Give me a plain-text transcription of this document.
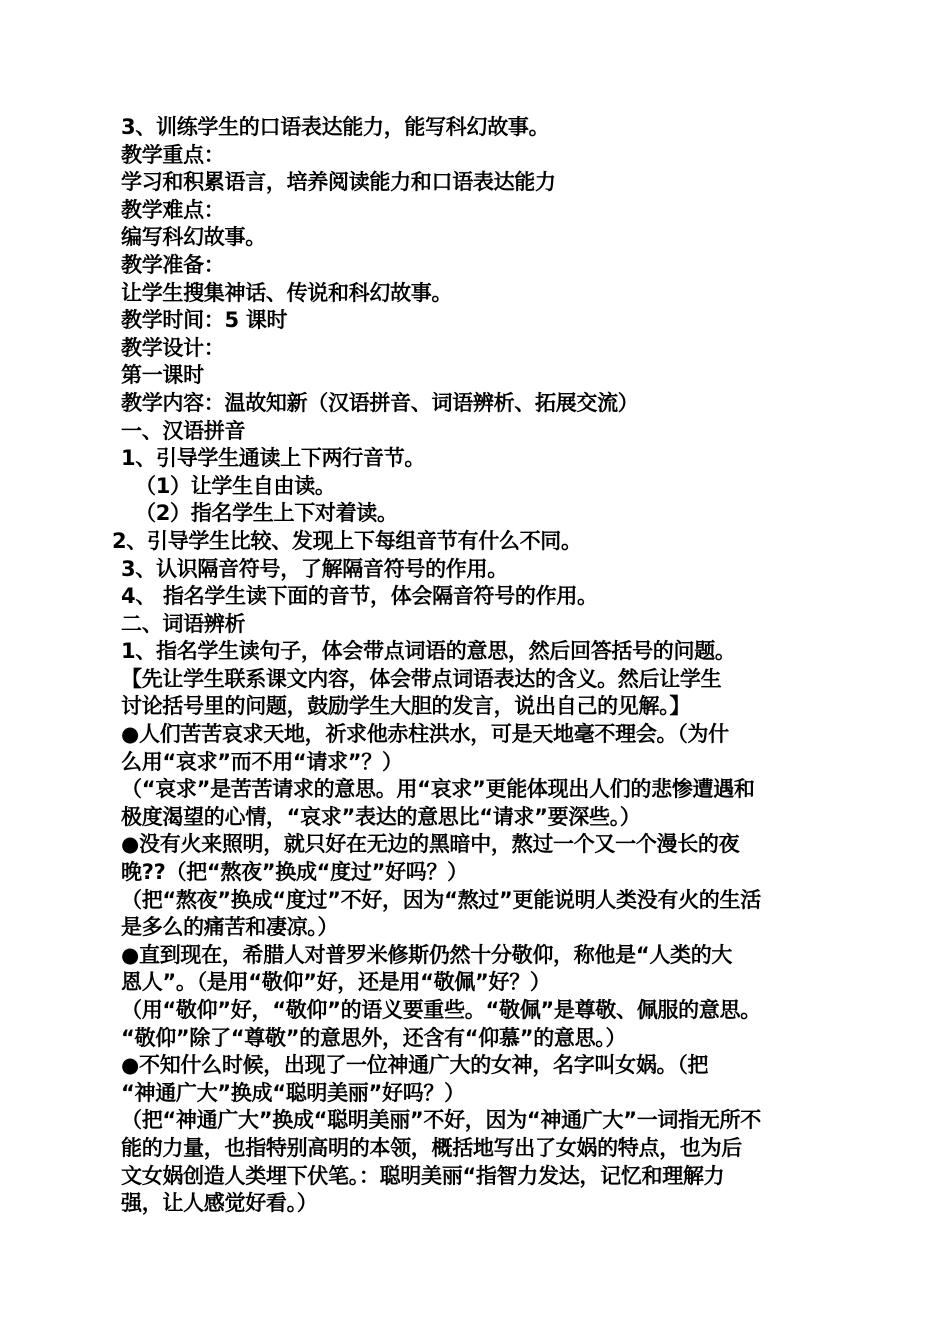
3、训练学生的口语表达能力，能写科幻故事。
教学重点：
学习和积累语言，培养阅读能力和口语表达能力
教学难点：
编写科幻故事。
教学准备：
让学生搜集神话、传说和科幻故事。
教学时间：5 课时
教学设计：
第一课时
教学内容：温故知新（汉语拼音、词语辨析、拓展交流）
一、汉语拼音
1、引导学生通读上下两行音节。
（1）让学生自由读。
（2）指名学生上下对着读。
2、引导学生比较、发现上下每组音节有什么不同。
3、认识隔音符号，了解隔音符号的作用。
4、 指名学生读下面的音节，体会隔音符号的作用。
二、词语辨析
1、指名学生读句子，体会带点词语的意思，然后回答括号的问题。
【先让学生联系课文内容，体会带点词语表达的含义。然后让学生
讨论括号里的问题，鼓励学生大胆的发言，说出自己的见解。】
●人们苦苦哀求天地，祈求他赤柱洪水，可是天地毫不理会。（为什
么用“哀求”而不用“请求”？）
（“哀求”是苦苦请求的意思。用“哀求”更能体现出人们的悲惨遭遇和
极度渴望的心情，“哀求”表达的意思比“请求”要深些。）
●没有火来照明，就只好在无边的黑暗中，熬过一个又一个漫长的夜
晚??（把“熬夜”换成“度过”好吗？）
（把“熬夜”换成“度过”不好，因为“熬过”更能说明人类没有火的生活
是多么的痛苦和凄凉。）
●直到现在，希腊人对普罗米修斯仍然十分敬仰，称他是“人类的大
恩人”。（是用“敬仰”好，还是用“敬佩”好？）
（用“敬仰”好，“敬仰”的语义要重些。“敬佩”是尊敬、佩服的意思。
“敬仰”除了“尊敬”的意思外，还含有“仰慕”的意思。）
●不知什么时候，出现了一位神通广大的女神，名字叫女娲。（把
“神通广大”换成“聪明美丽”好吗？）
（把“神通广大”换成“聪明美丽”不好，因为“神通广大”一词指无所不
能的力量，也指特别高明的本领，概括地写出了女娲的特点，也为后
文女娲创造人类埋下伏笔。：聪明美丽“指智力发达，记忆和理解力
强，让人感觉好看。）
